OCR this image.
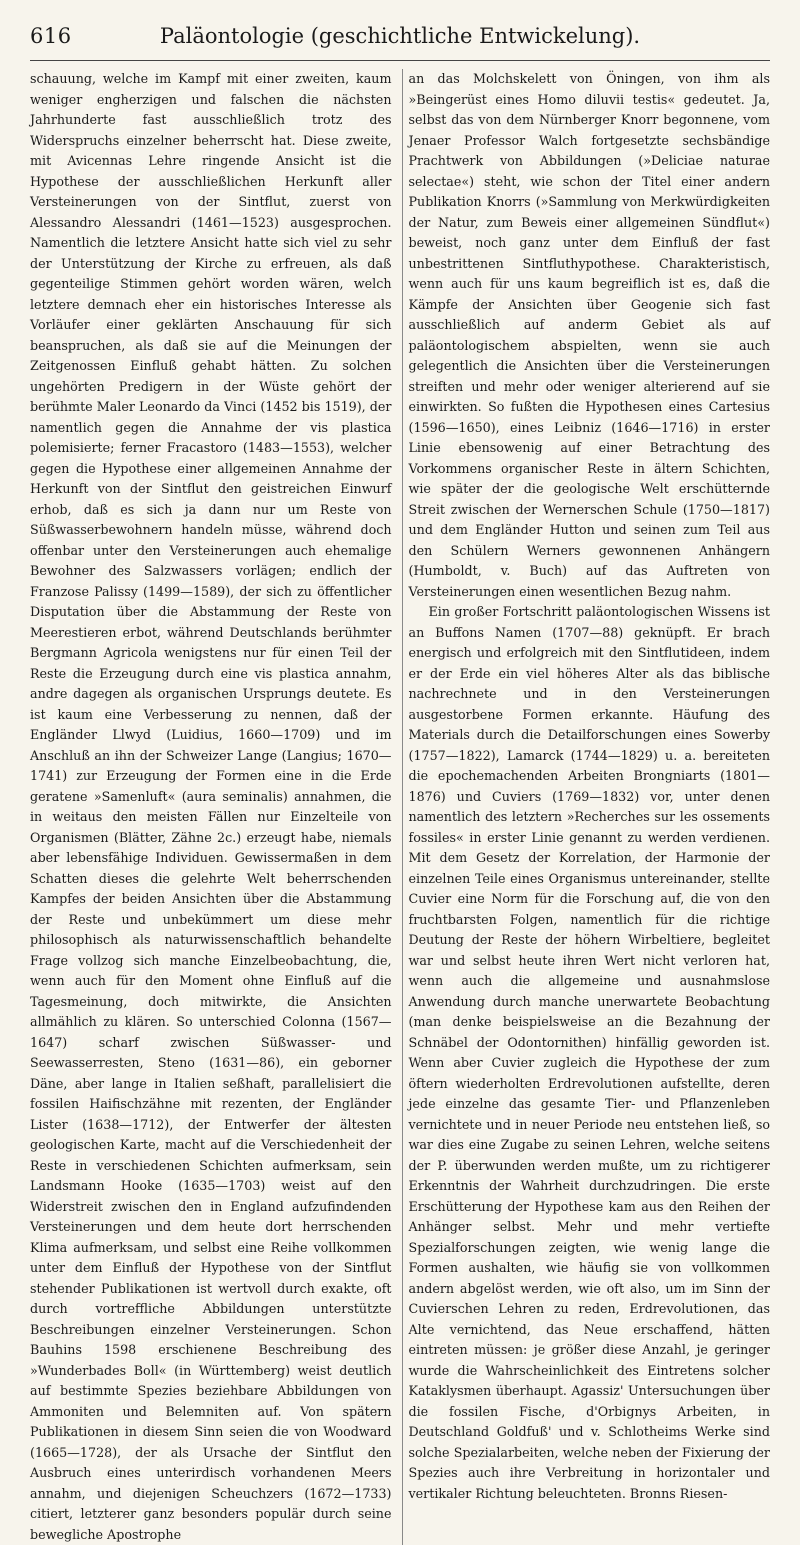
616	Paläontologie (geschichtliche Entwickelung).

schauung, welche im Kampf mit einer zweiten, kaum weniger engherzigen und falschen die nächsten Jahrhunderte fast ausschließlich trotz des Widerspruchs einzelner beherrscht hat. Diese zweite, mit Avicennas Lehre ringende Ansicht ist die Hypothese der ausschließlichen Herkunft aller Versteinerungen von der Sintflut, zuerst von Alessandro Alessandri (1461—1523) ausgesprochen. Namentlich die letztere Ansicht hatte sich viel zu sehr der Unterstützung der Kirche zu erfreuen, als daß gegenteilige Stimmen gehört worden wären, welch letztere demnach eher ein historisches Interesse als Vorläufer einer geklärten Anschauung für sich beanspruchen, als daß sie auf die Meinungen der Zeitgenossen Einfluß gehabt hätten. Zu solchen ungehörten Predigern in der Wüste gehört der berühmte Maler Leonardo da Vinci (1452 bis 1519), der namentlich gegen die Annahme der vis plastica polemisierte; ferner Fracastoro (1483—1553), welcher gegen die Hypothese einer allgemeinen Annahme der Herkunft von der Sintflut den geistreichen Einwurf erhob, daß es sich ja dann nur um Reste von Süßwasserbewohnern handeln müsse, während doch offenbar unter den Versteinerungen auch ehemalige Bewohner des Salzwassers vorlägen; endlich der Franzose Palissy (1499—1589), der sich zu öffentlicher Disputation über die Abstammung der Reste von Meerestieren erbot, während Deutschlands berühmter Bergmann Agricola wenigstens nur für einen Teil der Reste die Erzeugung durch eine vis plastica annahm, andre dagegen als organischen Ursprungs deutete. Es ist kaum eine Verbesserung zu nennen, daß der Engländer Llwyd (Luidius, 1660—1709) und im Anschluß an ihn der Schweizer Lange (Langius; 1670—1741) zur Erzeugung der Formen eine in die Erde geratene »Samenluft« (aura seminalis) annahmen, die in weitaus den meisten Fällen nur Einzelteile von Organismen (Blätter, Zähne 2c.) erzeugt habe, niemals aber lebensfähige Individuen. Gewissermaßen in dem Schatten dieses die gelehrte Welt beherrschenden Kampfes der beiden Ansichten über die Abstammung der Reste und unbekümmert um diese mehr philosophisch als naturwissenschaftlich behandelte Frage vollzog sich manche Einzelbeobachtung, die, wenn auch für den Moment ohne Einfluß auf die Tagesmeinung, doch mitwirkte, die Ansichten allmählich zu klären. So unterschied Colonna (1567—1647) scharf zwischen Süßwasser- und Seewasserresten, Steno (1631—86), ein geborner Däne, aber lange in Italien seßhaft, parallelisiert die fossilen Haifischzähne mit rezenten, der Engländer Lister (1638—1712), der Entwerfer der ältesten geologischen Karte, macht auf die Verschiedenheit der Reste in verschiedenen Schichten aufmerksam, sein Landsmann Hooke (1635—1703) weist auf den Widerstreit zwischen den in England aufzufindenden Versteinerungen und dem heute dort herrschenden Klima aufmerksam, und selbst eine Reihe vollkommen unter dem Einfluß der Hypothese von der Sintflut stehender Publikationen ist wertvoll durch exakte, oft durch vortreffliche Abbildungen unterstützte Beschreibungen einzelner Versteinerungen. Schon Bauhins 1598 erschienene Beschreibung des »Wunderbades Boll« (in Württemberg) weist deutlich auf bestimmte Spezies beziehbare Abbildungen von Ammoniten und Belemniten auf. Von spätern Publikationen in diesem Sinn seien die von Woodward (1665—1728), der als Ursache der Sintflut den Ausbruch eines unterirdisch vorhandenen Meers annahm, und diejenigen Scheuchzers (1672—1733) citiert, letzterer ganz besonders populär durch seine bewegliche Apostrophe

an das Molchskelett von Öningen, von ihm als »Beingerüst eines Homo diluvii testis« gedeutet. Ja, selbst das von dem Nürnberger Knorr begonnene, vom Jenaer Professor Walch fortgesetzte sechsbändige Prachtwerk von Abbildungen (»Deliciae naturae selectae«) steht, wie schon der Titel einer andern Publikation Knorrs (»Sammlung von Merkwürdigkeiten der Natur, zum Beweis einer allgemeinen Sündflut«) beweist, noch ganz unter dem Einfluß der fast unbestrittenen Sintfluthypothese. Charakteristisch, wenn auch für uns kaum begreiflich ist es, daß die Kämpfe der Ansichten über Geogenie sich fast ausschließlich auf anderm Gebiet als auf paläontologischem abspielten, wenn sie auch gelegentlich die Ansichten über die Versteinerungen streiften und mehr oder weniger alterierend auf sie einwirkten. So fußten die Hypothesen eines Cartesius (1596—1650), eines Leibniz (1646—1716) in erster Linie ebensowenig auf einer Betrachtung des Vorkommens organischer Reste in ältern Schichten, wie später der die geologische Welt erschütternde Streit zwischen der Wernerschen Schule (1750—1817) und dem Engländer Hutton und seinen zum Teil aus den Schülern Werners gewonnenen Anhängern (Humboldt, v. Buch) auf das Auftreten von Versteinerungen einen wesentlichen Bezug nahm.

Ein großer Fortschritt paläontologischen Wissens ist an Buffons Namen (1707—88) geknüpft. Er brach energisch und erfolgreich mit den Sintflutideen, indem er der Erde ein viel höheres Alter als das biblische nachrechnete und in den Versteinerungen ausgestorbene Formen erkannte. Häufung des Materials durch die Detailforschungen eines Sowerby (1757—1822), Lamarck (1744—1829) u. a. bereiteten die epochemachenden Arbeiten Brongniarts (1801—1876) und Cuviers (1769—1832) vor, unter denen namentlich des letztern »Recherches sur les ossements fossiles« in erster Linie genannt zu werden verdienen. Mit dem Gesetz der Korrelation, der Harmonie der einzelnen Teile eines Organismus untereinander, stellte Cuvier eine Norm für die Forschung auf, die von den fruchtbarsten Folgen, namentlich für die richtige Deutung der Reste der höhern Wirbeltiere, begleitet war und selbst heute ihren Wert nicht verloren hat, wenn auch die allgemeine und ausnahmslose Anwendung durch manche unerwartete Beobachtung (man denke beispielsweise an die Bezahnung der Schnäbel der Odontornithen) hinfällig geworden ist. Wenn aber Cuvier zugleich die Hypothese der zum öftern wiederholten Erdrevolutionen aufstellte, deren jede einzelne das gesamte Tier- und Pflanzenleben vernichtete und in neuer Periode neu entstehen ließ, so war dies eine Zugabe zu seinen Lehren, welche seitens der P. überwunden werden mußte, um zu richtigerer Erkenntnis der Wahrheit durchzudringen. Die erste Erschütterung der Hypothese kam aus den Reihen der Anhänger selbst. Mehr und mehr vertiefte Spezialforschungen zeigten, wie wenig lange die Formen aushalten, wie häufig sie von vollkommen andern abgelöst werden, wie oft also, um im Sinn der Cuvierschen Lehren zu reden, Erdrevolutionen, das Alte vernichtend, das Neue erschaffend, hätten eintreten müssen: je größer diese Anzahl, je geringer wurde die Wahrscheinlichkeit des Eintretens solcher Kataklysmen überhaupt. Agassiz' Untersuchungen über die fossilen Fische, d'Orbignys Arbeiten, in Deutschland Goldfuß' und v. Schlotheims Werke sind solche Spezialarbeiten, welche neben der Fixierung der Spezies auch ihre Verbreitung in horizontaler und vertikaler Richtung beleuchteten. Bronns Riesen-
